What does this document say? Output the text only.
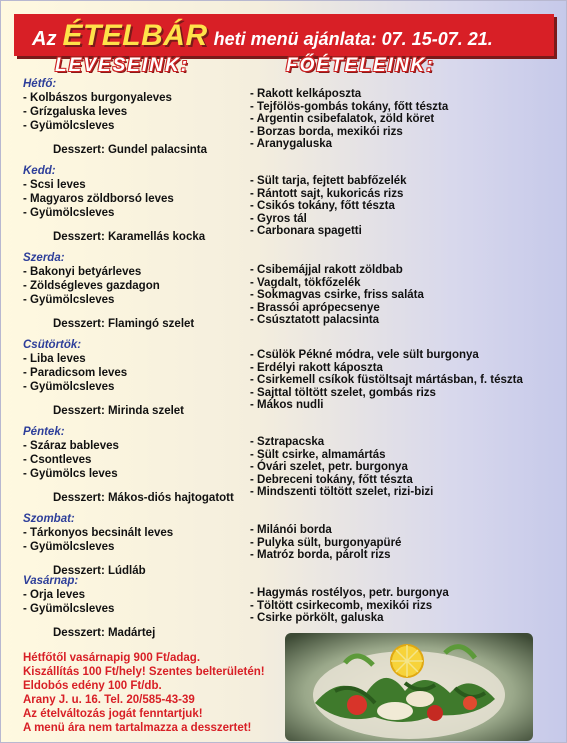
Az ÉTELBÁR heti menü ajánlata: 07. 15-07. 21.
LEVESEINK:	FŐÉTELEINK:
Hétfő:
- Kolbászos burgonyaleves
- Grízgaluska leves
- Gyümölcsleves
Desszert: Gundel palacsinta
Kedd:
- Scsi leves
- Magyaros zöldborsó leves
- Gyümölcsleves
Desszert: Karamellás kocka
Szerda:
- Bakonyi betyárleves
- Zöldségleves gazdagon
- Gyümölcsleves
Desszert: Flamingó szelet
Csütörtök:
- Liba leves
- Paradicsom leves
- Gyümölcsleves
Desszert: Mirinda szelet
Péntek:
- Száraz bableves
- Csontleves
- Gyümölcs leves
Desszert: Mákos-diós hajtogatott
Szombat:
- Tárkonyos becsinált leves
- Gyümölcsleves
Desszert: Lúdláb
Vasárnap:
- Orja leves
- Gyümölcsleves
Desszert: Madártej
- Rakott kelkáposzta
- Tejfölös-gombás tokány, főtt tészta
- Argentin csibefalatok, zöld köret
- Borzas borda, mexikói rizs
- Aranygaluska
- Sült tarja, fejtett babfőzelék
- Rántott sajt, kukoricás rizs
- Csikós tokány, főtt tészta
- Gyros tál
- Carbonara spagetti
- Csibemájjal rakott zöldbab
- Vagdalt, tökfőzelék
- Sokmagvas csirke, friss saláta
- Brassói aprópecsenye
- Csúsztatott palacsinta
- Csülök Pékné módra, vele sült burgonya
- Erdélyi rakott káposzta
- Csirkemell csíkok füstöltsajt mártásban, f. tészta
- Sajttal töltött szelet, gombás rizs
- Mákos nudli
- Sztrapacska
- Sült csirke, almamártás
- Óvári szelet, petr. burgonya
- Debreceni tokány, főtt tészta
- Mindszenti töltött szelet, rizi-bizi
- Milánói borda
- Pulyka sült, burgonyapüré
- Matróz borda, párolt rizs
- Hagymás rostélyos, petr. burgonya
- Töltött csirkecomb, mexikói rizs
- Csirke pörkölt, galuska
Hétfőtől vasárnapig 900 Ft/adag.
Kiszállítás 100 Ft/hely! Szentes belterületén!
Eldobós edény 100 Ft/db.
Arany J. u. 16. Tel. 20/585-43-39
Az ételváltozás jogát fenntartjuk!
A menü ára nem tartalmazza a desszertet!
